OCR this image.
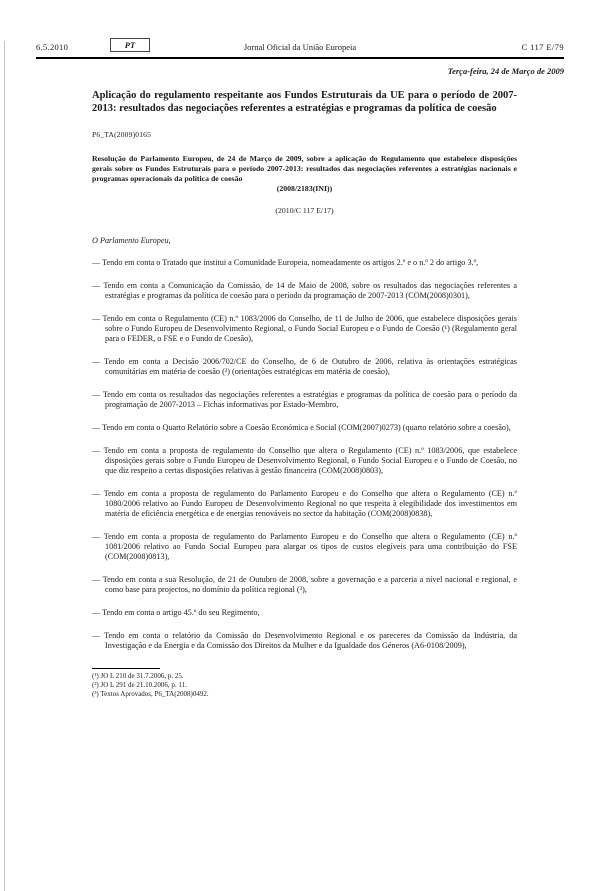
6.5.2010	PT	Jornal Oficial da União Europeia	C 117 E/79
Terça-feira, 24 de Março de 2009
Aplicação do regulamento respeitante aos Fundos Estruturais da UE para o período de 2007- 2013: resultados das negociações referentes a estratégias e programas da política de coesão
P6_TA(2009)0165
Resolução do Parlamento Europeu, de 24 de Março de 2009, sobre a aplicação do Regulamento que estabelece disposições gerais sobre os Fundos Estruturais para o período 2007-2013: resultados das negociações referentes a estratégias nacionais e programas operacionais da política de coesão
(2008/2183(INI))
(2010/C 117 E/17)
O Parlamento Europeu,

— Tendo em conta o Tratado que institui a Comunidade Europeia, nomeadamente os artigos 2.º e o n.º 2 do artigo 3.º,

— Tendo em conta a Comunicação da Comissão, de 14 de Maio de 2008, sobre os resultados das negociações referentes a estratégias e programas da política de coesão para o período da programação de 2007-2013 (COM(2008)0301),

— Tendo em conta o Regulamento (CE) n.º 1083/2006 do Conselho, de 11 de Julho de 2006, que estabelece disposições gerais sobre o Fundo Europeu de Desenvolvimento Regional, o Fundo Social Europeu e o Fundo de Coesão (¹) (Regulamento geral para o FEDER, o FSE e o Fundo de Coesão),

— Tendo em conta a Decisão 2006/702/CE do Conselho, de 6 de Outubro de 2006, relativa às orientações estratégicas comunitárias em matéria de coesão (²) (orientações estratégicas em matéria de coesão),

— Tendo em conta os resultados das negociações referentes a estratégias e programas da política de coesão para o período da programação de 2007-2013 – Fichas informativas por Estado-Membro,

— Tendo em conta o Quarto Relatório sobre a Coesão Económica e Social (COM(2007)0273) (quarto relatório sobre a coesão),

— Tendo em conta a proposta de regulamento do Conselho que altera o Regulamento (CE) n.º 1083/2006, que estabelece disposições gerais sobre o Fundo Europeu de Desenvolvimento Regional, o Fundo Social Europeu e o Fundo de Coesão, no que diz respeito a certas disposições relativas à gestão financeira (COM(2008)0803),

— Tendo em conta a proposta de regulamento do Parlamento Europeu e do Conselho que altera o Regulamento (CE) n.º 1080/2006 relativo ao Fundo Europeu de Desenvolvimento Regional no que respeita à elegibilidade dos investimentos em matéria de eficiência energética e de energias renováveis no sector da habitação (COM(2008)0838),

— Tendo em conta a proposta de regulamento do Parlamento Europeu e do Conselho que altera o Regulamento (CE) n.º 1081/2006 relativo ao Fundo Social Europeu para alargar os tipos de custos elegíveis para uma contribuição do FSE (COM(2008)0813),

— Tendo em conta a sua Resolução, de 21 de Outubro de 2008, sobre a governação e a parceria a nível nacional e regional, e como base para projectos, no domínio da política regional (³),

— Tendo em conta o artigo 45.º do seu Regimento,

— Tendo em conta o relatório da Comissão do Desenvolvimento Regional e os pareceres da Comissão da Indústria, da Investigação e da Energia e da Comissão dos Direitos da Mulher e da Igualdade dos Géneros (A6-0108/2009),

(¹) JO L 210 de 31.7.2006, p. 25.
(²) JO L 291 de 21.10.2006, p. 11.
(³) Textos Aprovados, P6_TA(2008)0492.
